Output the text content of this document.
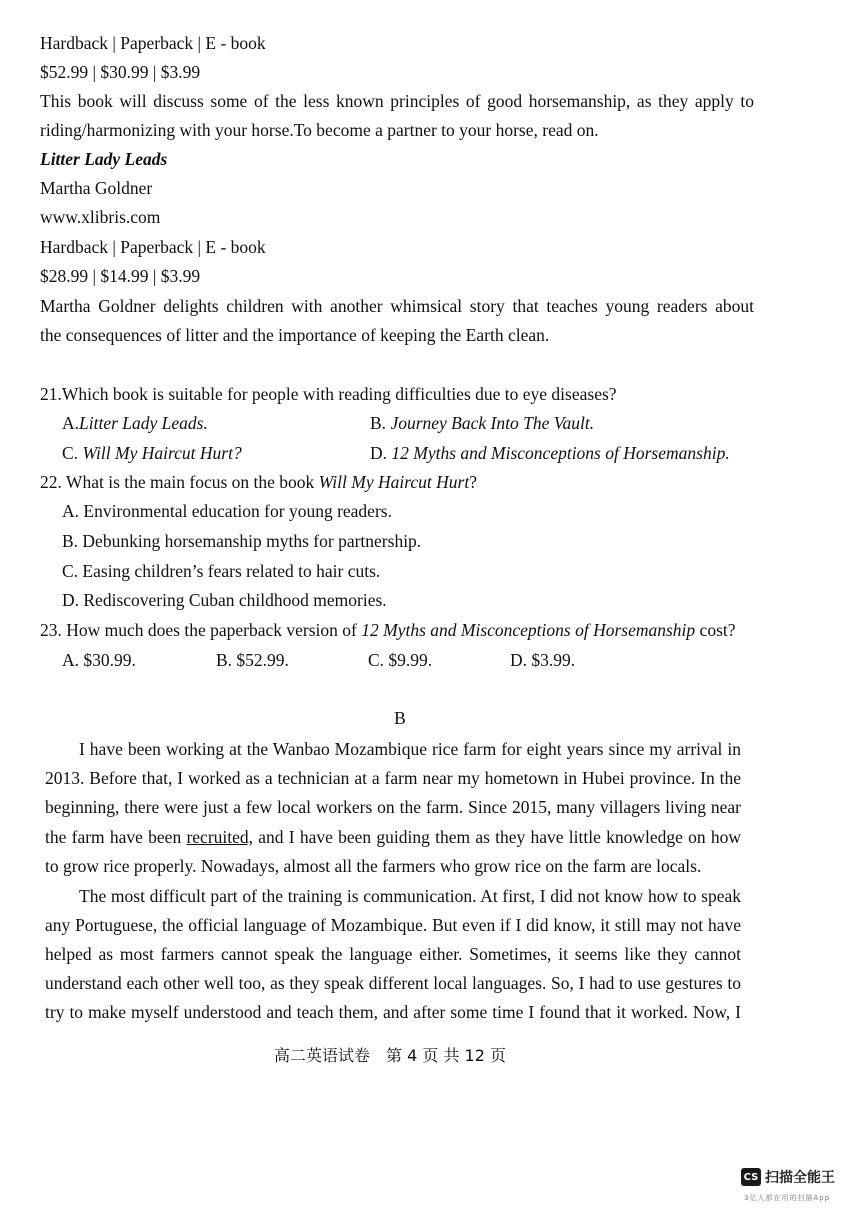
Hardback | Paperback | E - book
$52.99 | $30.99 | $3.99
This book will discuss some of the less known principles of good horsemanship, as they apply to
riding/harmonizing with your horse.To become a partner to your horse, read on.
Litter Lady Leads
Martha Goldner
www.xlibris.com
Hardback | Paperback | E - book
$28.99 | $14.99 | $3.99
Martha Goldner delights children with another whimsical story that teaches young readers about
the consequences of litter and the importance of keeping the Earth clean.
21.Which book is suitable for people with reading difficulties due to eye diseases?
A.Litter Lady Leads.	B. Journey Back Into The Vault.
C. Will My Haircut Hurt?	D. 12 Myths and Misconceptions of Horsemanship.
22. What is the main focus on the book Will My Haircut Hurt?
A. Environmental education for young readers.
B. Debunking horsemanship myths for partnership.
C. Easing children’s fears related to hair cuts.
D. Rediscovering Cuban childhood memories.
23. How much does the paperback version of 12 Myths and Misconceptions of Horsemanship cost?
A. $30.99.	B. $52.99.	C. $9.99.	D. $3.99.
B
I have been working at the Wanbao Mozambique rice farm for eight years since my arrival in
2013. Before that, I worked as a technician at a farm near my hometown in Hubei province. In the
beginning, there were just a few local workers on the farm. Since 2015, many villagers living near
the farm have been recruited, and I have been guiding them as they have little knowledge on how
to grow rice properly. Nowadays, almost all the farmers who grow rice on the farm are locals.
The most difficult part of the training is communication. At first, I did not know how to speak
any Portuguese, the official language of Mozambique. But even if I did know, it still may not have
helped as most farmers cannot speak the language either. Sometimes, it seems like they cannot
understand each other well too, as they speak different local languages. So, I had to use gestures to
try to make myself understood and teach them, and after some time I found that it worked. Now, I
高二英语试卷　第 4 页 共 12 页
CS 扫描全能王
3亿人都在用的扫描App
